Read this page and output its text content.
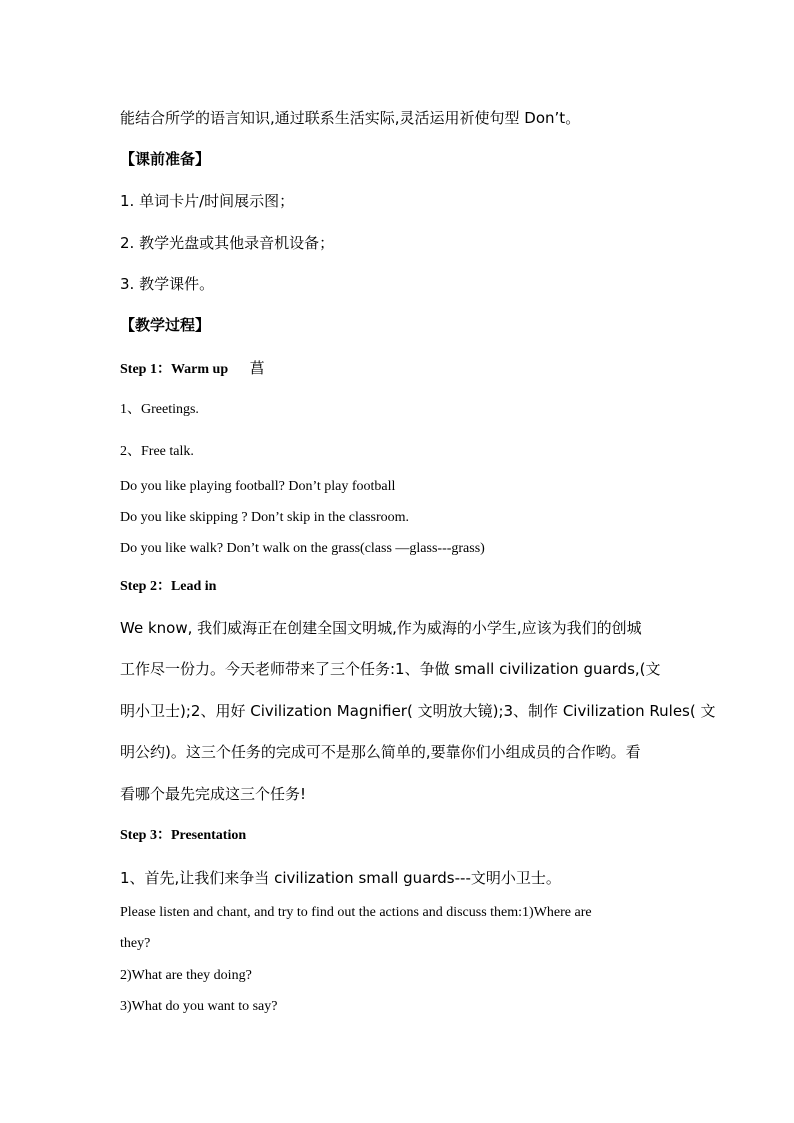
能结合所学的语言知识,通过联系生活实际,灵活运用祈使句型 Don’t。
【课前准备】
1. 单词卡片/时间展示图；
2. 教学光盘或其他录音机设备；
3. 教学课件。
【教学过程】
Step 1：Warm up 菖
1、Greetings.
2、Free talk.
Do you like playing football? Don’t play football
Do you like skipping ? Don’t skip in the classroom.
Do you like walk? Don’t walk on the grass(class —glass---grass)
Step 2：Lead in
We know, 我们威海正在创建全国文明城,作为威海的小学生,应该为我们的创城
工作尽一份力。今天老师带来了三个任务:1、争做 small civilization guards,(文
明小卫士);2、用好 Civilization Magnifier( 文明放大镜);3、制作 Civilization Rules( 文
明公约)。这三个任务的完成可不是那么简单的,要靠你们小组成员的合作哟。看
看哪个最先完成这三个任务!
Step 3：Presentation
1、首先,让我们来争当 civilization small guards---文明小卫士。
Please listen and chant, and try to find out the actions and discuss them:1)Where are
they?
2)What are they doing?
3)What do you want to say?
